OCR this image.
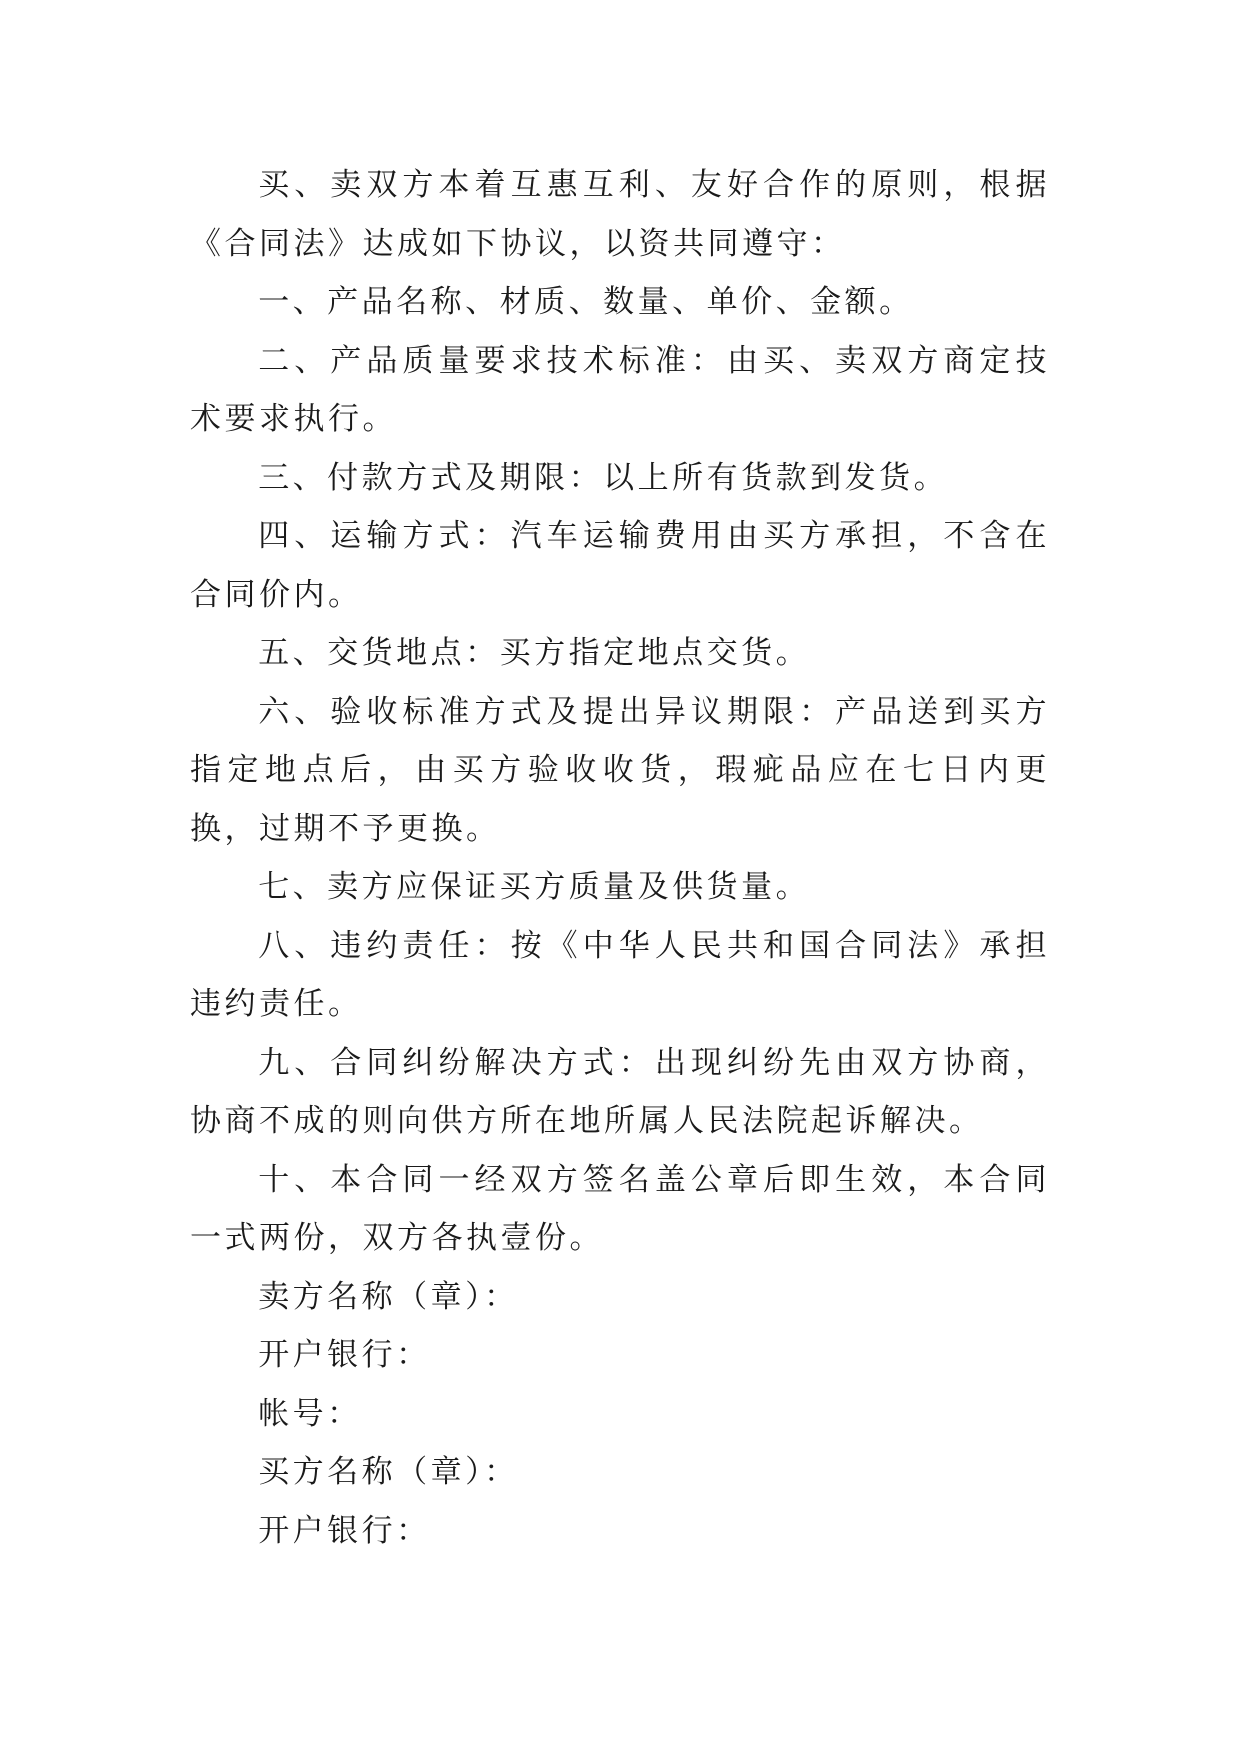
买、卖双方本着互惠互利、友好合作的原则，根据《合同法》达成如下协议，以资共同遵守：

一、产品名称、材质、数量、单价、金额。

二、产品质量要求技术标准：由买、卖双方商定技术要求执行。

三、付款方式及期限：以上所有货款到发货。

四、运输方式：汽车运输费用由买方承担，不含在合同价内。

五、交货地点：买方指定地点交货。

六、验收标准方式及提出异议期限：产品送到买方指定地点后，由买方验收收货，瑕疵品应在七日内更换，过期不予更换。

七、卖方应保证买方质量及供货量。

八、违约责任：按《中华人民共和国合同法》承担违约责任。

九、合同纠纷解决方式：出现纠纷先由双方协商，协商不成的则向供方所在地所属人民法院起诉解决。

十、本合同一经双方签名盖公章后即生效，本合同一式两份，双方各执壹份。

卖方名称（章）：

开户银行：

帐号：

买方名称（章）：

开户银行：
